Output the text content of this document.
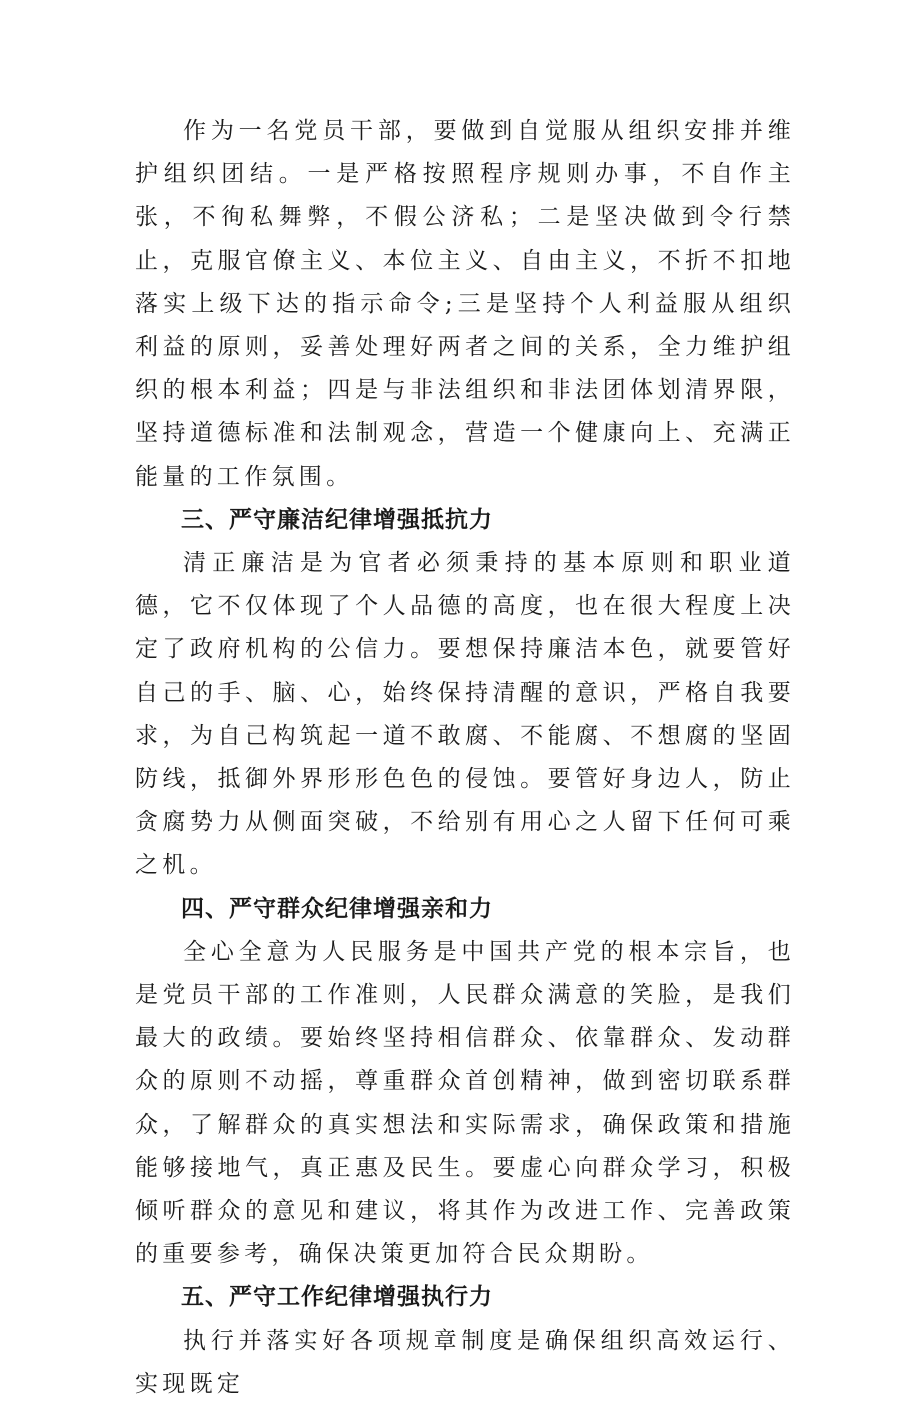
作为一名党员干部，要做到自觉服从组织安排并维护组织团结。一是严格按照程序规则办事，不自作主张，不徇私舞弊，不假公济私；二是坚决做到令行禁止，克服官僚主义、本位主义、自由主义，不折不扣地落实上级下达的指示命令;三是坚持个人利益服从组织利益的原则，妥善处理好两者之间的关系，全力维护组织的根本利益；四是与非法组织和非法团体划清界限，坚持道德标准和法制观念，营造一个健康向上、充满正能量的工作氛围。

三、严守廉洁纪律增强抵抗力

清正廉洁是为官者必须秉持的基本原则和职业道德，它不仅体现了个人品德的高度，也在很大程度上决定了政府机构的公信力。要想保持廉洁本色，就要管好自己的手、脑、心，始终保持清醒的意识，严格自我要求，为自己构筑起一道不敢腐、不能腐、不想腐的坚固防线，抵御外界形形色色的侵蚀。要管好身边人，防止贪腐势力从侧面突破，不给别有用心之人留下任何可乘之机。

四、严守群众纪律增强亲和力

全心全意为人民服务是中国共产党的根本宗旨，也是党员干部的工作准则，人民群众满意的笑脸，是我们最大的政绩。要始终坚持相信群众、依靠群众、发动群众的原则不动摇，尊重群众首创精神，做到密切联系群众，了解群众的真实想法和实际需求，确保政策和措施能够接地气，真正惠及民生。要虚心向群众学习，积极倾听群众的意见和建议，将其作为改进工作、完善政策的重要参考，确保决策更加符合民众期盼。

五、严守工作纪律增强执行力

执行并落实好各项规章制度是确保组织高效运行、实现既定
